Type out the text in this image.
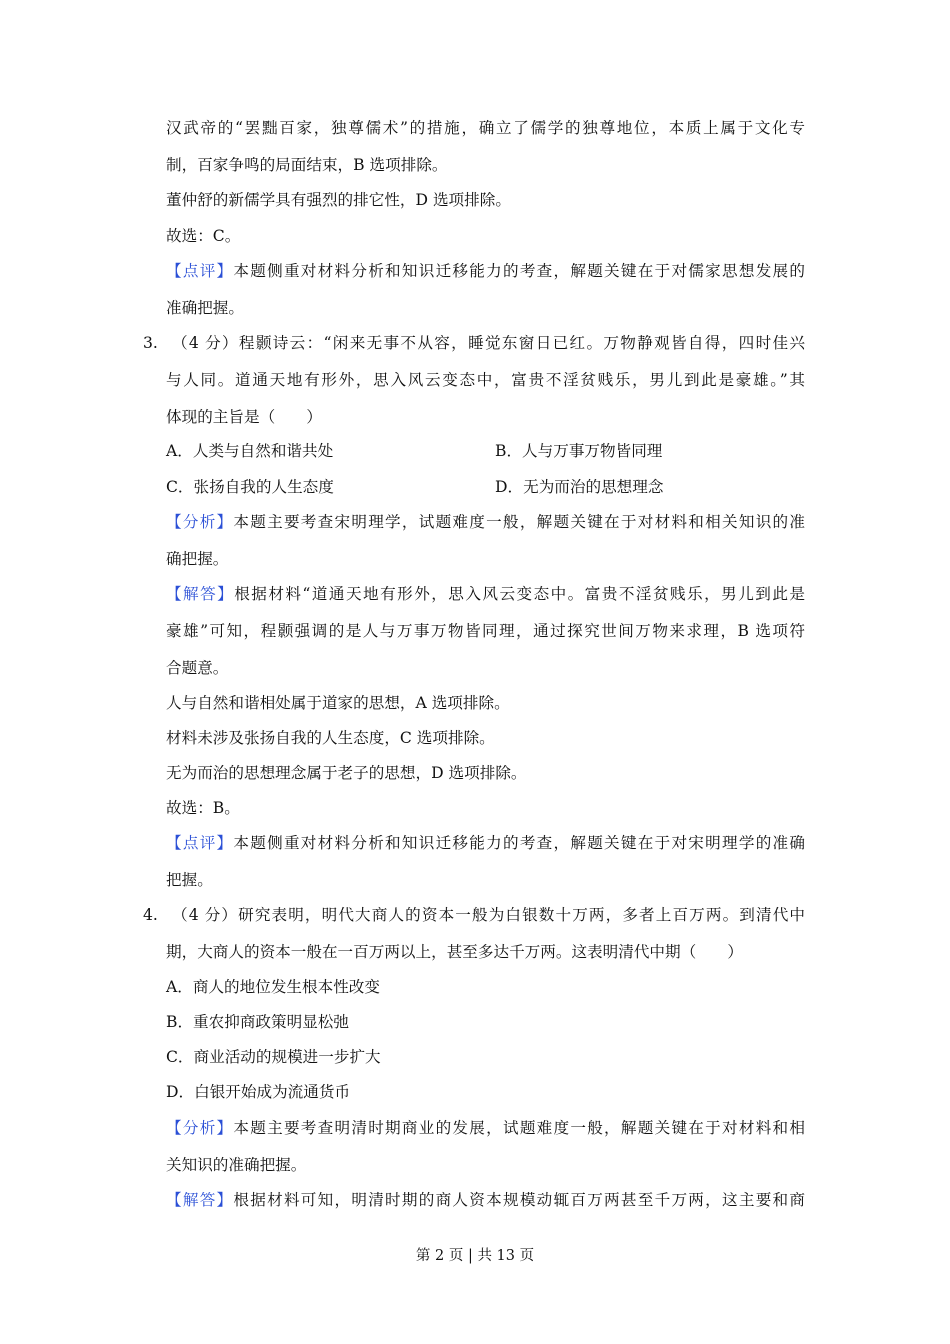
汉武帝的“罢黜百家，独尊儒术”的措施，确立了儒学的独尊地位，本质上属于文化专
制，百家争鸣的局面结束，B 选项排除。
董仲舒的新儒学具有强烈的排它性，D 选项排除。
故选：C。
【点评】本题侧重对材料分析和知识迁移能力的考查，解题关键在于对儒家思想发展的
准确把握。
3. （4 分）程颢诗云：“闲来无事不从容，睡觉东窗日已红。万物静观皆自得，四时佳兴
与人同。道通天地有形外，思入风云变态中，富贵不淫贫贱乐，男儿到此是豪雄。”其
体现的主旨是（　　）
A．人类与自然和谐共处	B．人与万事万物皆同理
C．张扬自我的人生态度	D．无为而治的思想理念
【分析】本题主要考查宋明理学，试题难度一般，解题关键在于对材料和相关知识的准
确把握。
【解答】根据材料“道通天地有形外，思入风云变态中。富贵不淫贫贱乐，男儿到此是
豪雄”可知，程颢强调的是人与万事万物皆同理，通过探究世间万物来求理，B 选项符
合题意。
人与自然和谐相处属于道家的思想，A 选项排除。
材料未涉及张扬自我的人生态度，C 选项排除。
无为而治的思想理念属于老子的思想，D 选项排除。
故选：B。
【点评】本题侧重对材料分析和知识迁移能力的考查，解题关键在于对宋明理学的准确
把握。
4. （4 分）研究表明，明代大商人的资本一般为白银数十万两，多者上百万两。到清代中
期，大商人的资本一般在一百万两以上，甚至多达千万两。这表明清代中期（　　）
A．商人的地位发生根本性改变
B．重农抑商政策明显松弛
C．商业活动的规模进一步扩大
D．白银开始成为流通货币
【分析】本题主要考查明清时期商业的发展，试题难度一般，解题关键在于对材料和相
关知识的准确把握。
【解答】根据材料可知，明清时期的商人资本规模动辄百万两甚至千万两，这主要和商
第 2 页 | 共 13 页
